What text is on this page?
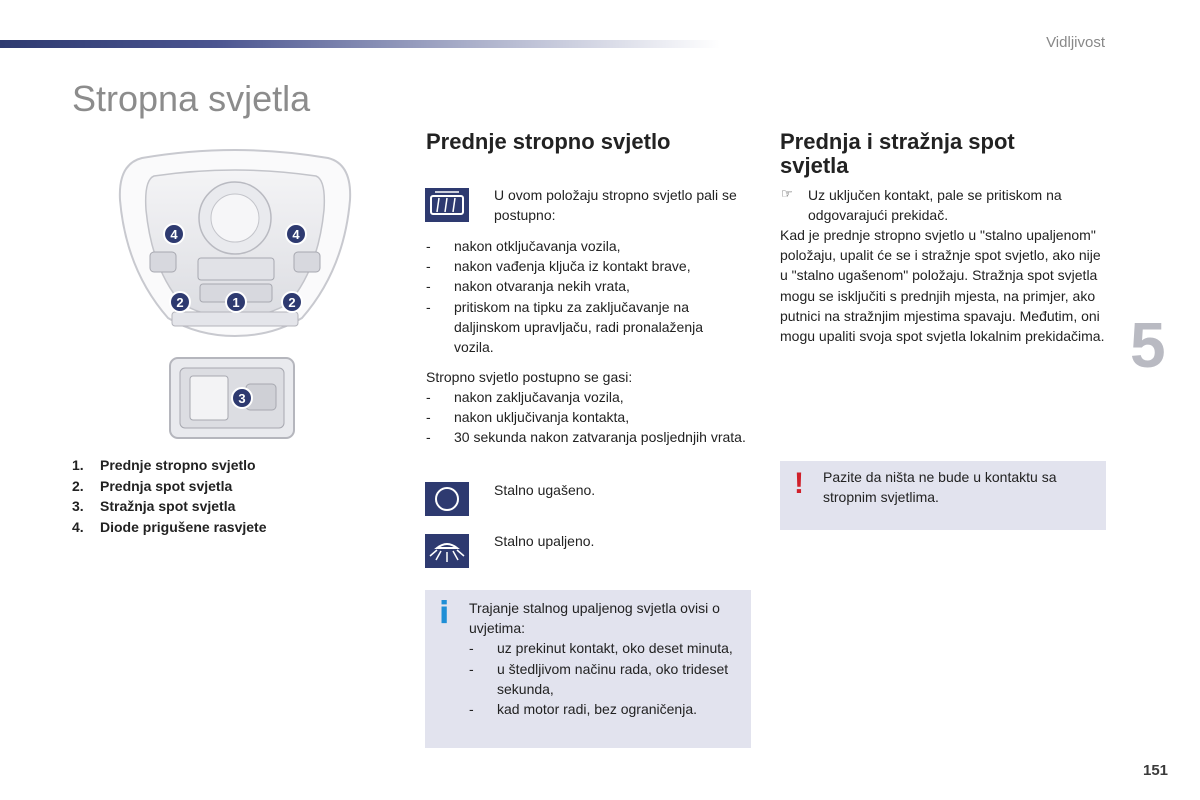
Vidljivost
Stropna svjetla
4	4
2	1	2
3
1. Prednje stropno svjetlo
2. Prednja spot svjetla
3. Stražnja spot svjetla
4. Diode prigušene rasvjete
Prednje stropno svjetlo

U ovom položaju stropno svjetlo pali se postupno:

- nakon otključavanja vozila,
- nakon vađenja ključa iz kontakt brave,
- nakon otvaranja nekih vrata,
- pritiskom na tipku za zaključavanje na daljinskom upravljaču, radi pronalaženja vozila.

Stropno svjetlo postupno se gasi:

- nakon zaključavanja vozila,
- nakon uključivanja kontakta,
- 30 sekunda nakon zatvaranja posljednjih vrata.

Stalno ugašeno.

Stalno upaljeno.

i Trajanje stalnog upaljenog svjetla ovisi o uvjetima:
- uz prekinut kontakt, oko deset minuta,
- u štedljivom načinu rada, oko trideset sekunda,
- kad motor radi, bez ograničenja.
Prednja i stražnja spot
svjetla
☞ Uz uključen kontakt, pale se pritiskom na odgovarajući prekidač.

Kad je prednje stropno svjetlo u "stalno upaljenom" položaju, upalit će se i stražnje spot svjetlo, ako nije u "stalno ugašenom" položaju. Stražnja spot svjetla mogu se isključiti s prednjih mjesta, na primjer, ako putnici na stražnjim mjestima spavaju. Međutim, oni mogu upaliti svoja spot svjetla lokalnim prekidačima.

! Pazite da ništa ne bude u kontaktu sa stropnim svjetlima.
5
151
